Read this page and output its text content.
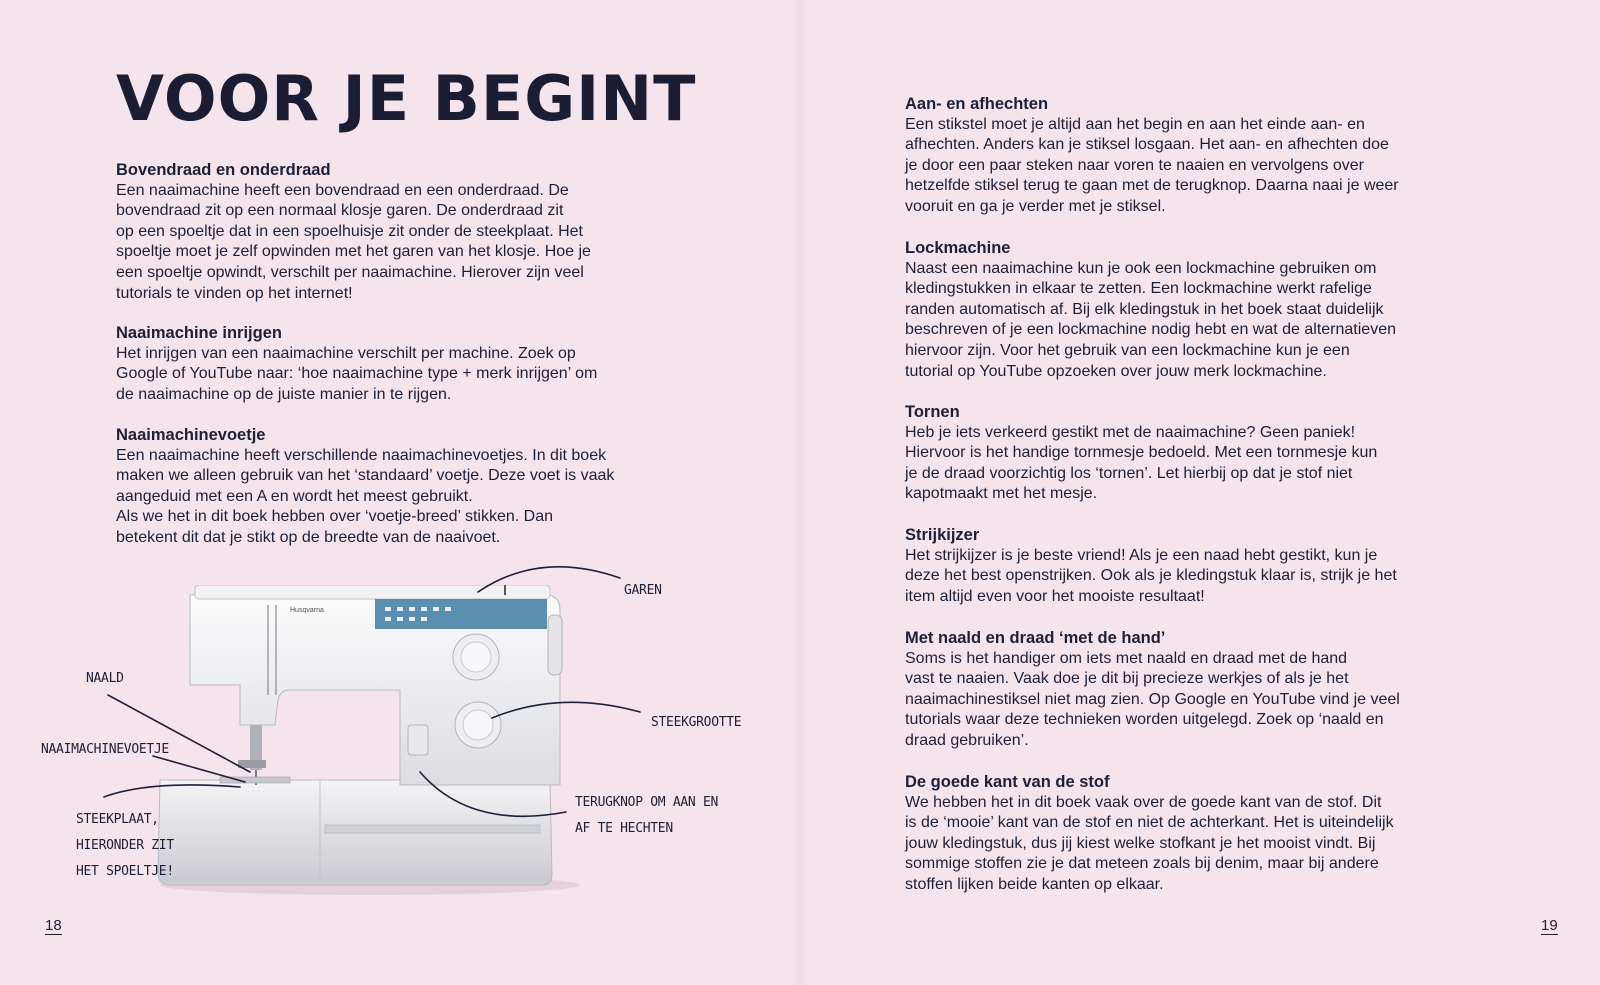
VOOR JE BEGINT
Bovendraad en onderdraad

Een naaimachine heeft een bovendraad en een onderdraad. De
bovendraad zit op een normaal klosje garen. De onderdraad zit
op een spoeltje dat in een spoelhuisje zit onder de steekplaat. Het
spoeltje moet je zelf opwinden met het garen van het klosje. Hoe je
een spoeltje opwindt, verschilt per naaimachine. Hierover zijn veel
tutorials te vinden op het internet!

Naaimachine inrijgen

Het inrijgen van een naaimachine verschilt per machine. Zoek op
Google of YouTube naar: ‘hoe naaimachine type + merk inrijgen’ om
de naaimachine op de juiste manier in te rijgen.

Naaimachinevoetje

Een naaimachine heeft verschillende naaimachinevoetjes. In dit boek
maken we alleen gebruik van het ‘standaard’ voetje. Deze voet is vaak
aangeduid met een A en wordt het meest gebruikt.
Als we het in dit boek hebben over ‘voetje-breed’ stikken. Dan
betekent dit dat je stikt op de breedte van de naaivoet.

Husqvarna
GAREN
NAALD
NAAIMACHINEVOETJE
STEEKGROOTTE
TERUGKNOP OM AAN EN
AF TE HECHTEN
STEEKPLAAT,
HIERONDER ZIT
HET SPOELTJE!
18
Aan- en afhechten

Een stikstel moet je altijd aan het begin en aan het einde aan- en
afhechten. Anders kan je stiksel losgaan. Het aan- en afhechten doe
je door een paar steken naar voren te naaien en vervolgens over
hetzelfde stiksel terug te gaan met de terugknop. Daarna naai je weer
vooruit en ga je verder met je stiksel.

Lockmachine

Naast een naaimachine kun je ook een lockmachine gebruiken om
kledingstukken in elkaar te zetten. Een lockmachine werkt rafelige
randen automatisch af. Bij elk kledingstuk in het boek staat duidelijk
beschreven of je een lockmachine nodig hebt en wat de alternatieven
hiervoor zijn. Voor het gebruik van een lockmachine kun je een
tutorial op YouTube opzoeken over jouw merk lockmachine.

Tornen

Heb je iets verkeerd gestikt met de naaimachine? Geen paniek!
Hiervoor is het handige tornmesje bedoeld. Met een tornmesje kun
je de draad voorzichtig los ‘tornen’. Let hierbij op dat je stof niet
kapotmaakt met het mesje.

Strijkijzer

Het strijkijzer is je beste vriend! Als je een naad hebt gestikt, kun je
deze het best openstrijken. Ook als je kledingstuk klaar is, strijk je het
item altijd even voor het mooiste resultaat!

Met naald en draad ‘met de hand’

Soms is het handiger om iets met naald en draad met de hand
vast te naaien. Vaak doe je dit bij precieze werkjes of als je het
naaimachinestiksel niet mag zien. Op Google en YouTube vind je veel
tutorials waar deze technieken worden uitgelegd. Zoek op ‘naald en
draad gebruiken’.

De goede kant van de stof

We hebben het in dit boek vaak over de goede kant van de stof. Dit
is de ‘mooie’ kant van de stof en niet de achterkant. Het is uiteindelijk
jouw kledingstuk, dus jij kiest welke stofkant je het mooist vindt. Bij
sommige stoffen zie je dat meteen zoals bij denim, maar bij andere
stoffen lijken beide kanten op elkaar.

19
